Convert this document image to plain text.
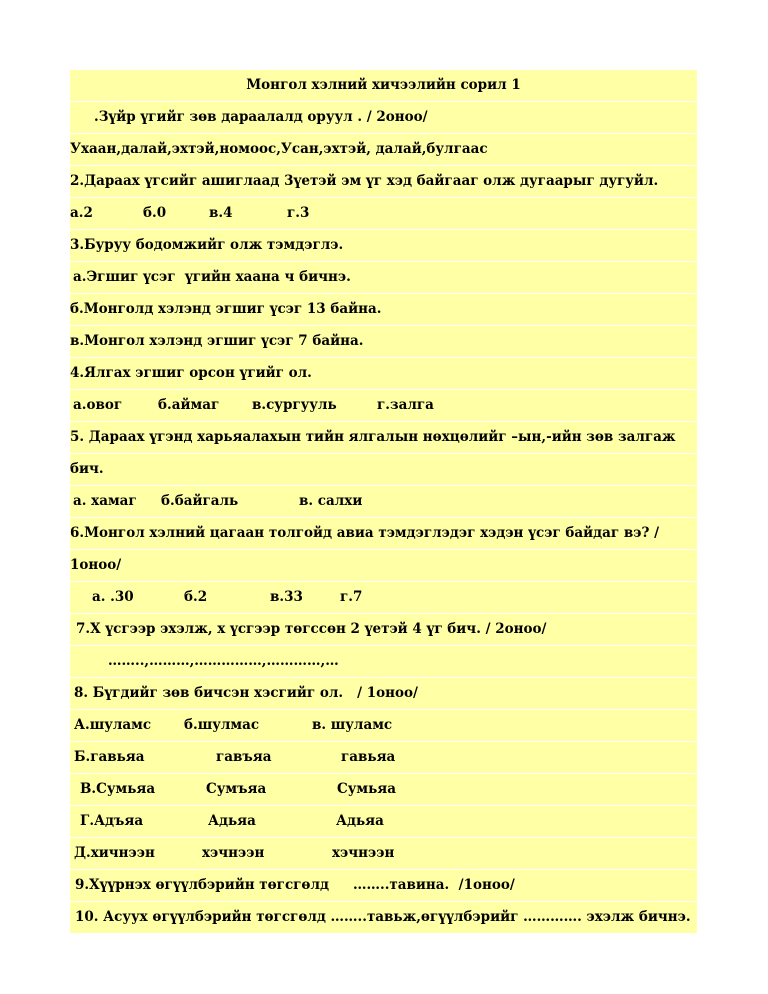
Монгол хэлний хичээлийн сорил 1
.Зүйр үгийг зөв дараалалд оруул . / 2оноо/
Ухаан,далай,эхтэй,номоос,Усан,эхтэй, далай,булгаас
2.Дараах үгсийг ашиглаад 3үетэй эм үг хэд байгааг олж дугаарыг дугуйл.
а.2	б.0	в.4	г.3
3.Буруу бодомжийг олж тэмдэглэ.
а.Эгшиг үсэг  үгийн хаана ч бичнэ.
б.Монголд хэлэнд эгшиг үсэг 13 байна.
в.Монгол хэлэнд эгшиг үсэг 7 байна.
4.Ялгах эгшиг орсон үгийг ол.
а.овог	б.аймаг в.сургууль	г.залга
5. Дараах үгэнд харьяалахын тийн ялгалын нөхцөлийг –ын,-ийн зөв залгаж
бич.
а. хамаг б.байгаль	в. салхи
6.Монгол хэлний цагаан толгойд авиа тэмдэглэдэг хэдэн үсэг байдаг вэ? /
1оноо/
а. .30	б.2	в.33	г.7
7.Х үсгээр эхэлж, х үсгээр төгссөн 2 үетэй 4 үг бич. / 2оноо/
……..,………,……………,…………,…
8. Бүгдийг зөв бичсэн хэсгийг ол.   / 1оноо/
А.шуламс б.шулмас	в. шуламс
Б.гавьяа	гавъяа	гавьяа
В.Сумьяа	Сумъяа	Сумьяа
Г.Адъяа	Адьяа	Адьяа
Д.хичнээн	хэчнээн	хэчнээн
9.Хүүрнэх өгүүлбэрийн төгсгөлд ……..тавина.  /1оноо/
10. Асуух өгүүлбэрийн төгсгөлд ……..тавьж,өгүүлбэрийг …………. эхэлж бичнэ.
